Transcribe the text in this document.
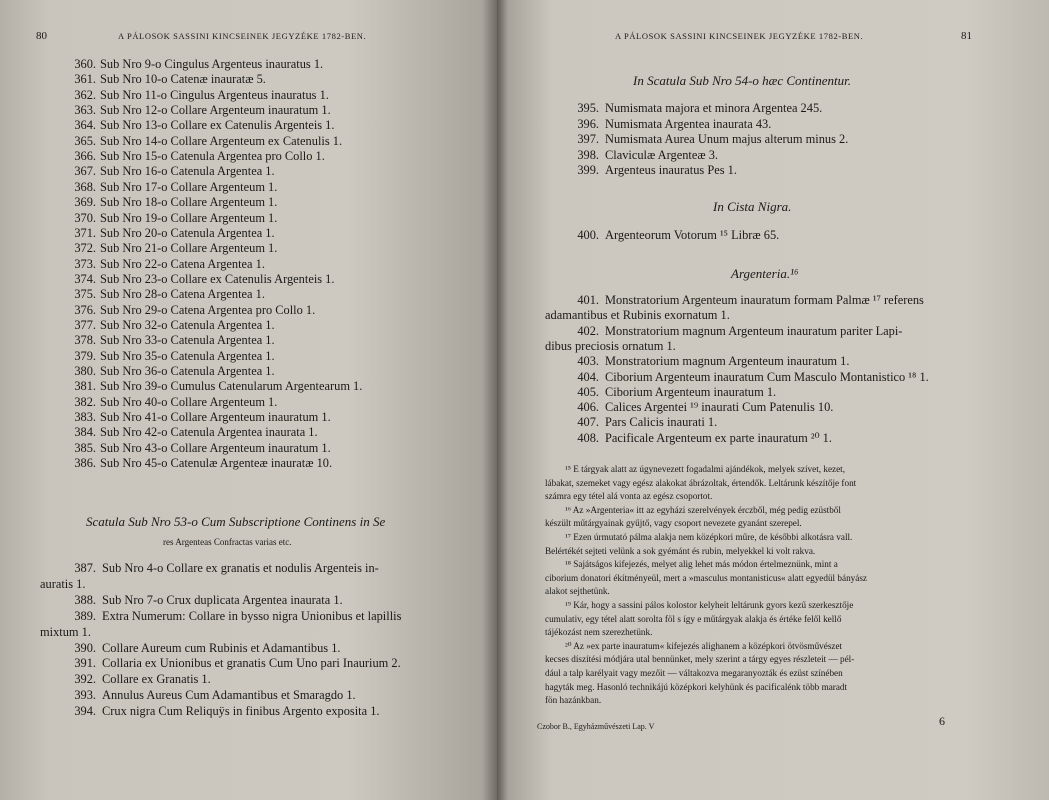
80	A PÁLOSOK SASSINI KINCSEINEK JEGYZÉKE 1782-BEN.
360. Sub Nro 9-o Cingulus Argenteus inauratus 1.
361. Sub Nro 10-o Catenæ inauratæ 5.
362. Sub Nro 11-o Cingulus Argenteus inauratus 1.
363. Sub Nro 12-o Collare Argenteum inauratum 1.
364. Sub Nro 13-o Collare ex Catenulis Argenteis 1.
365. Sub Nro 14-o Collare Argenteum ex Catenulis 1.
366. Sub Nro 15-o Catenula Argentea pro Collo 1.
367. Sub Nro 16-o Catenula Argentea 1.
368. Sub Nro 17-o Collare Argenteum 1.
369. Sub Nro 18-o Collare Argenteum 1.
370. Sub Nro 19-o Collare Argenteum 1.
371. Sub Nro 20-o Catenula Argentea 1.
372. Sub Nro 21-o Collare Argenteum 1.
373. Sub Nro 22-o Catena Argentea 1.
374. Sub Nro 23-o Collare ex Catenulis Argenteis 1.
375. Sub Nro 28-o Catena Argentea 1.
376. Sub Nro 29-o Catena Argentea pro Collo 1.
377. Sub Nro 32-o Catenula Argentea 1.
378. Sub Nro 33-o Catenula Argentea 1.
379. Sub Nro 35-o Catenula Argentea 1.
380. Sub Nro 36-o Catenula Argentea 1.
381. Sub Nro 39-o Cumulus Catenularum Argentearum 1.
382. Sub Nro 40-o Collare Argenteum 1.
383. Sub Nro 41-o Collare Argenteum inauratum 1.
384. Sub Nro 42-o Catenula Argentea inaurata 1.
385. Sub Nro 43-o Collare Argenteum inauratum 1.
386. Sub Nro 45-o Catenulæ Argenteæ inauratæ 10.
Scatula Sub Nro 53-o Cum Subscriptione Continens in Se
res Argenteas Confractas varias etc.
387. Sub Nro 4-o Collare ex granatis et nodulis Argenteis in-
auratis 1.
388. Sub Nro 7-o Crux duplicata Argentea inaurata 1.
389. Extra Numerum: Collare in bysso nigra Unionibus et lapillis
mixtum 1.
390. Collare Aureum cum Rubinis et Adamantibus 1.
391. Collaria ex Unionibus et granatis Cum Uno pari Inaurium 2.
392. Collare ex Granatis 1.
393. Annulus Aureus Cum Adamantibus et Smaragdo 1.
394. Crux nigra Cum Reliquÿs in finibus Argento exposita 1.
A PÁLOSOK SASSINI KINCSEINEK JEGYZÉKE 1782-BEN.	81
In Scatula Sub Nro 54-o hæc Continentur.
395. Numismata majora et minora Argentea 245.
396. Numismata Argentea inaurata 43.
397. Numismata Aurea Unum majus alterum minus 2.
398. Claviculæ Argenteæ 3.
399. Argenteus inauratus Pes 1.
In Cista Nigra.
400. Argenteorum Votorum ¹⁵ Libræ 65.
Argenteria.¹⁶
401. Monstratorium Argenteum inauratum formam Palmæ ¹⁷ referens
adamantibus et Rubinis exornatum 1.
402. Monstratorium magnum Argenteum inauratum pariter Lapi-
dibus preciosis ornatum 1.
403. Monstratorium magnum Argenteum inauratum 1.
404. Ciborium Argenteum inauratum Cum Masculo Montanistico ¹⁸ 1.
405. Ciborium Argenteum inauratum 1.
406. Calices Argentei ¹⁹ inaurati Cum Patenulis 10.
407. Pars Calicis inaurati 1.
408. Pacificale Argenteum ex parte inauratum ²⁰ 1.
¹⁵ E tárgyak alatt az úgynevezett fogadalmi ajándékok, melyek szívet, kezet,
lábakat, szemeket vagy egész alakokat ábrázoltak, értendők. Leltárunk készítője font
számra egy tétel alá vonta az egész csoportot.
¹⁶ Az »Argenteria« itt az egyházi szerelvények érczből, még pedig ezüstből
készült műtárgyainak gyűjtő, vagy csoport nevezete gyanánt szerepel.
¹⁷ Ezen úrmutató pálma alakja nem középkori műre, de későbbi alkotásra vall.
Belértékét sejteti velünk a sok gyémánt és rubin, melyekkel ki volt rakva.
¹⁸ Sajátságos kifejezés, melyet alig lehet más módon értelmeznünk, mint a
ciborium donatori ékítményeül, mert a »masculus montanisticus« alatt egyedül bányász
alakot sejthetünk.
¹⁹ Kár, hogy a sassini pálos kolostor kelyheit leltárunk gyors kezű szerkesztője
cumulativ, egy tétel alatt sorolta föl s így e műtárgyak alakja és értéke felől kellő
tájékozást nem szerezhetünk.
²⁰ Az »ex parte inauratum« kifejezés alighanem a középkori ötvösművészet
kecses díszítési módjára utal bennünket, mely szerint a tárgy egyes részleteit — pél-
dául a talp karélyait vagy mezőit — váltakozva megaranyozták és ezüst színében
hagyták meg. Hasonló technikájú középkori kelyhünk és pacificalénk több maradt
fön hazánkban.
Czobor B., Egyházművészeti Lap. V	6
